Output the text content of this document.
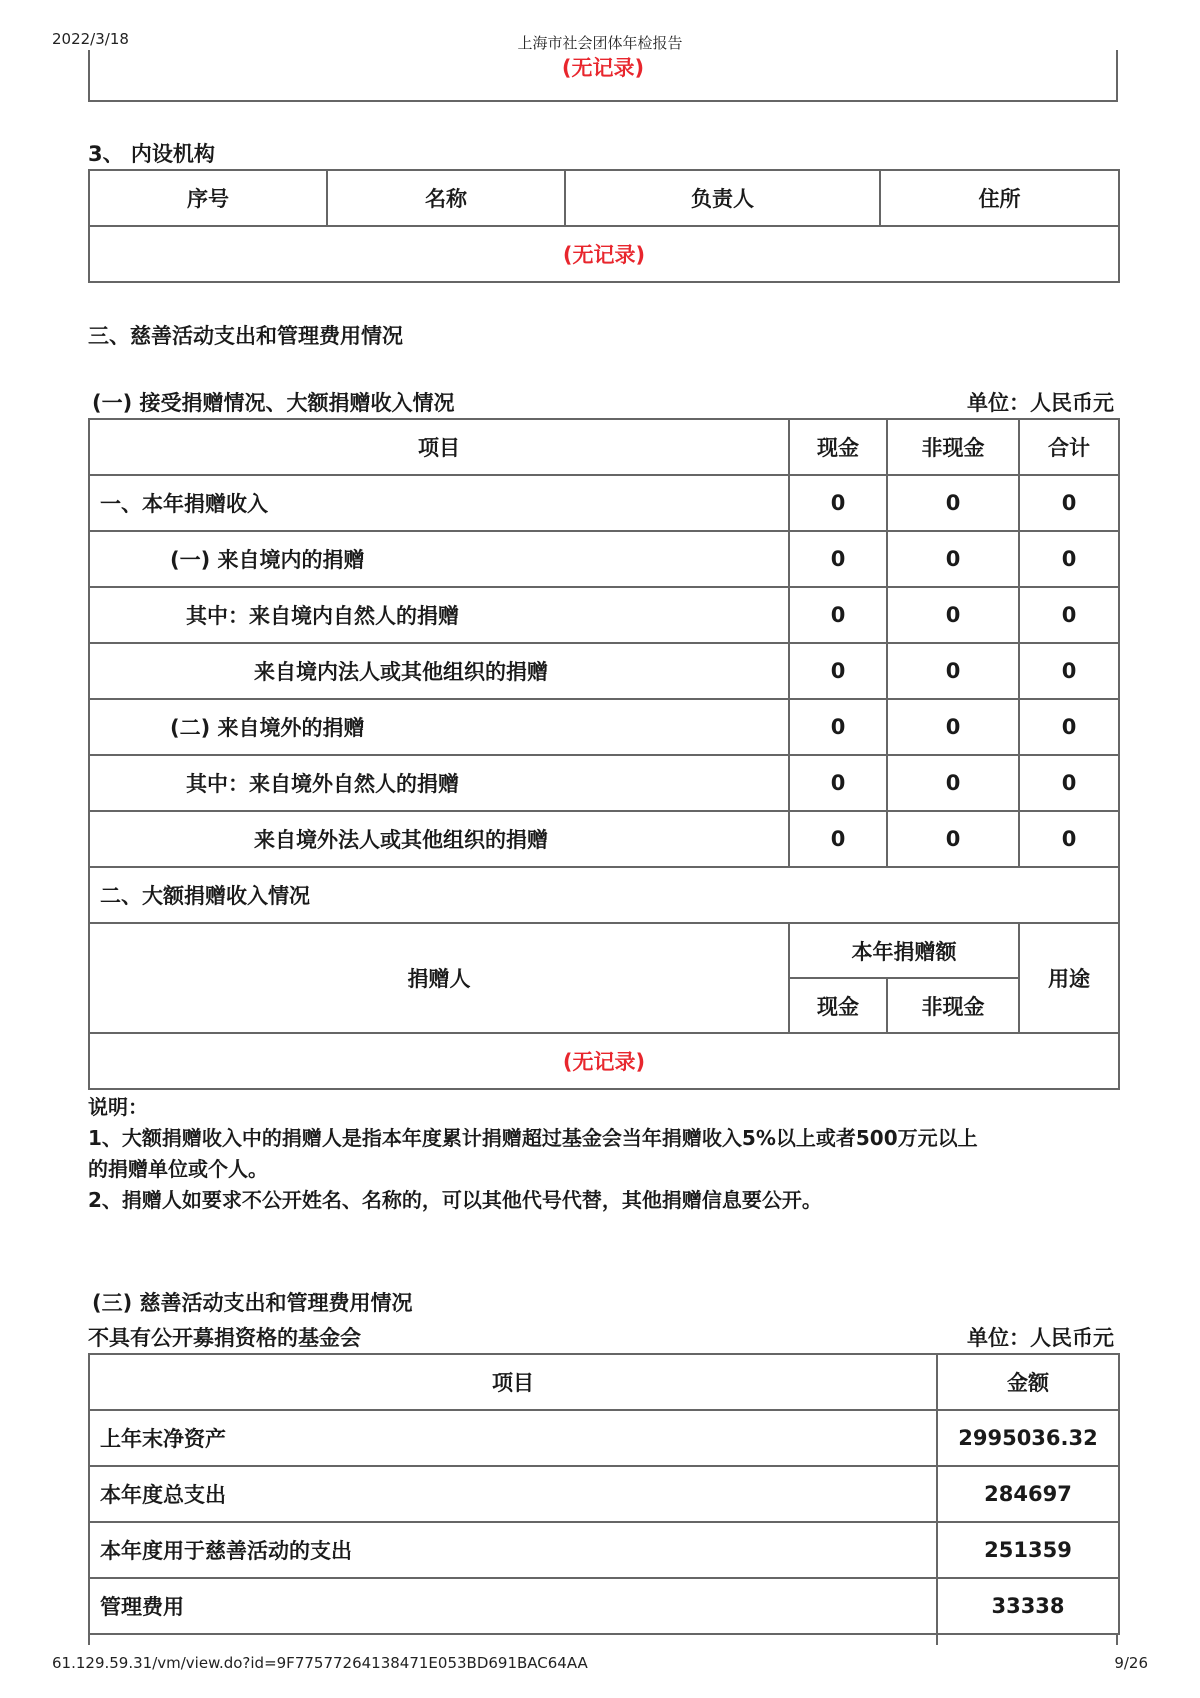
2022/3/18	上海市社会团体年检报告
(无记录)
3、 内设机构
序号	名称	负责人	住所
(无记录)
三、慈善活动支出和管理费用情况
(一) 接受捐赠情况、大额捐赠收入情况	单位：人民币元
项目	现金	非现金	合计
一、本年捐赠收入	0	0	0
(一) 来自境内的捐赠	0	0	0
其中：来自境内自然人的捐赠	0	0	0
来自境内法人或其他组织的捐赠	0	0	0
(二) 来自境外的捐赠	0	0	0
其中：来自境外自然人的捐赠	0	0	0
来自境外法人或其他组织的捐赠	0	0	0
二、大额捐赠收入情况			
捐赠人	本年捐赠额		用途
	现金	非现金	
(无记录)			
说明：
1、大额捐赠收入中的捐赠人是指本年度累计捐赠超过基金会当年捐赠收入5%以上或者500万元以上
的捐赠单位或个人。
2、捐赠人如要求不公开姓名、名称的，可以其他代号代替，其他捐赠信息要公开。
(三) 慈善活动支出和管理费用情况
不具有公开募捐资格的基金会	单位：人民币元
项目	金额
上年末净资产	2995036.32
本年度总支出	284697
本年度用于慈善活动的支出	251359
管理费用	33338
61.129.59.31/vm/view.do?id=9F77577264138471E053BD691BAC64AA	9/26
